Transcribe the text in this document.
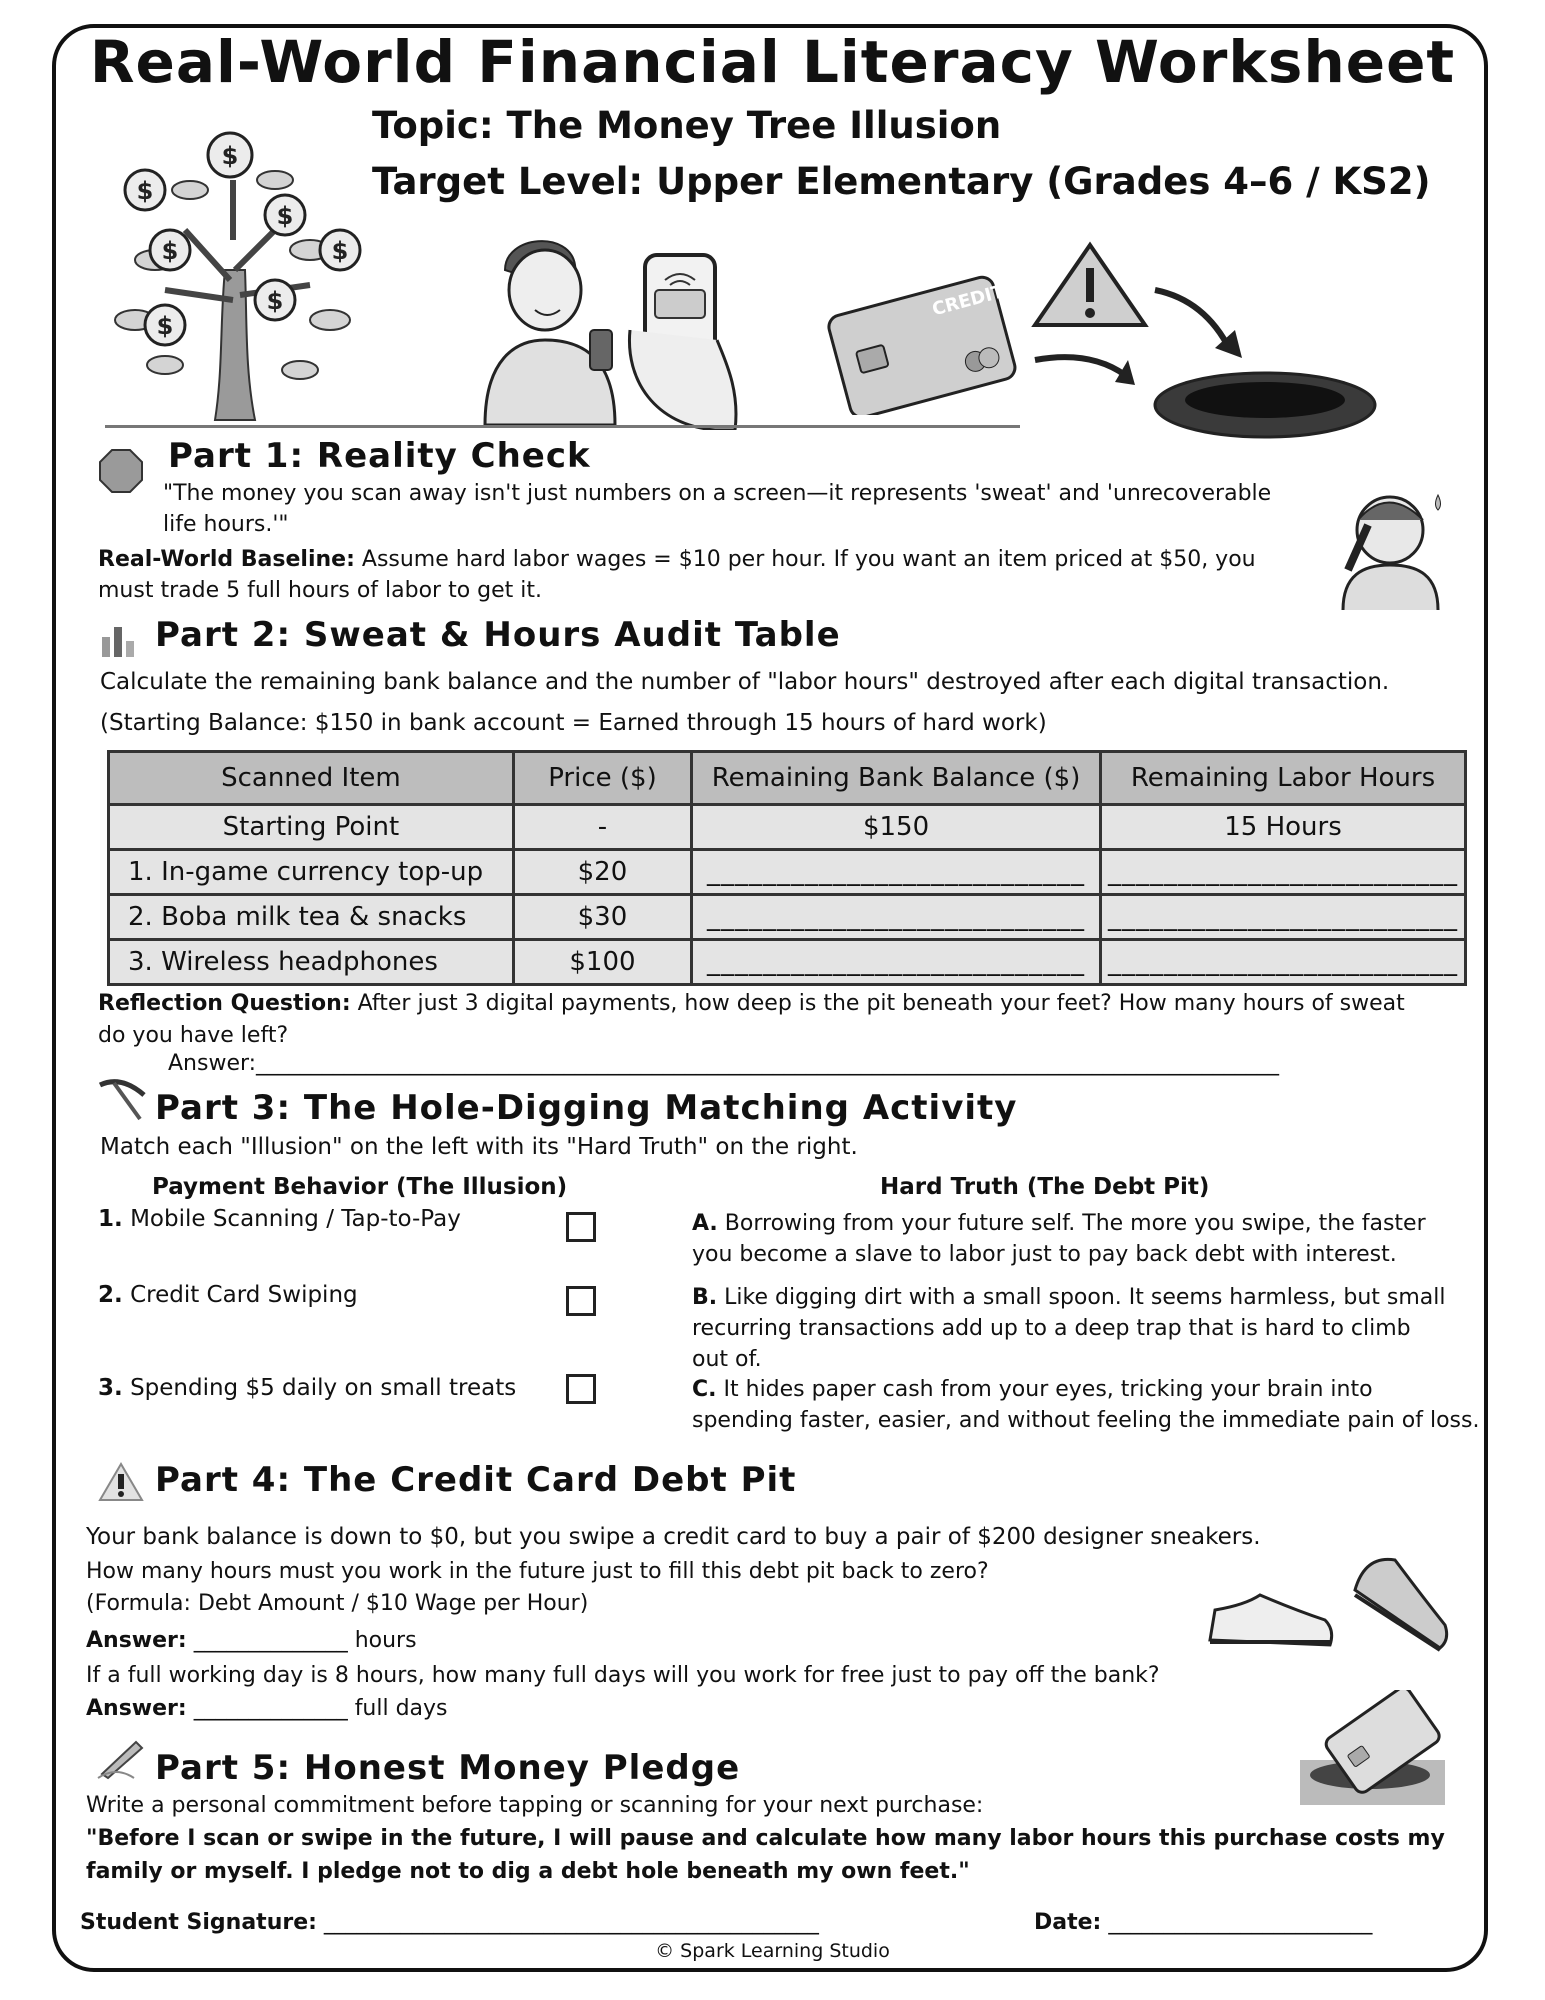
Real-World Financial Literacy Worksheet
Topic: The Money Tree Illusion
Target Level: Upper Elementary (Grades 4–6 / KS2)
$
$
$
$	$
$
$
CREDIT
Part 1: Reality Check
"The money you scan away isn't just numbers on a screen—it represents 'sweat' and 'unrecoverable
life hours.'"
Real-World Baseline: Assume hard labor wages = $10 per hour. If you want an item priced at $50, you
must trade 5 full hours of labor to get it.
Part 2: Sweat & Hours Audit Table
Calculate the remaining bank balance and the number of "labor hours" destroyed after each digital transaction.
(Starting Balance: $150 in bank account = Earned through 15 hours of hard work)
Scanned Item	Price ($)	Remaining Bank Balance ($)	Remaining Labor Hours
Starting Point	-	$150	15 Hours
1. In-game currency top-up	$20	___________________________	_________________________
2. Boba milk tea & snacks	$30	___________________________	_________________________
3. Wireless headphones	$100	___________________________	_________________________
Reflection Question: After just 3 digital payments, how deep is the pit beneath your feet? How many hours of sweat
do you have left?
Answer:_____________________________________________________________________________________________
Part 3: The Hole-Digging Matching Activity
Match each "Illusion" on the left with its "Hard Truth" on the right.
Payment Behavior (The Illusion)	Hard Truth (The Debt Pit)
1. Mobile Scanning / Tap-to-Pay
2. Credit Card Swiping
3. Spending $5 daily on small treats
A. Borrowing from your future self. The more you swipe, the faster
you become a slave to labor just to pay back debt with interest.
B. Like digging dirt with a small spoon. It seems harmless, but small
recurring transactions add up to a deep trap that is hard to climb
out of.
C. It hides paper cash from your eyes, tricking your brain into
spending faster, easier, and without feeling the immediate pain of loss.
Part 4: The Credit Card Debt Pit
Your bank balance is down to $0, but you swipe a credit card to buy a pair of $200 designer sneakers.
How many hours must you work in the future just to fill this debt pit back to zero?
(Formula: Debt Amount / $10 Wage per Hour)
Answer: ______________ hours
If a full working day is 8 hours, how many full days will you work for free just to pay off the bank?
Answer: ______________ full days
Part 5: Honest Money Pledge
Write a personal commitment before tapping or scanning for your next purchase:
"Before I scan or swipe in the future, I will pause and calculate how many labor hours this purchase costs my
family or myself. I pledge not to dig a debt hole beneath my own feet."
Student Signature: _____________________________________________	Date: ________________________
© Spark Learning Studio
